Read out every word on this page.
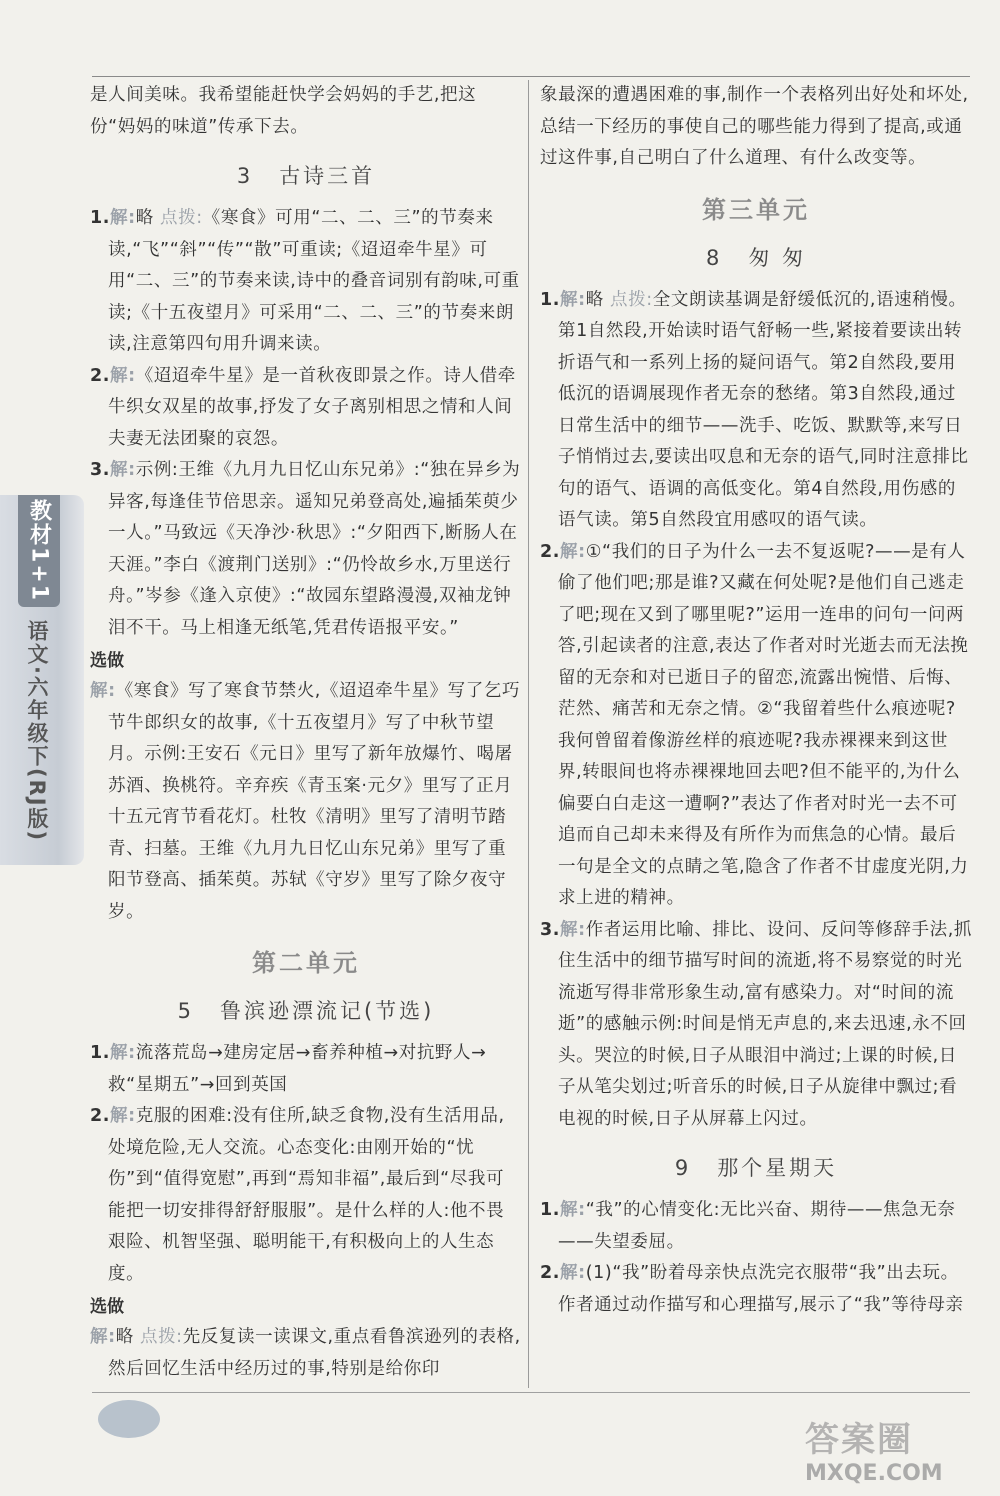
教材1+1
语文·六年级下(RJ版)

是人间美味。我希望能赶快学会妈妈的手艺,把这份“妈妈的味道”传承下去。

3 古诗三首

1.解:略 点拨:《寒食》可用“二、二、三”的节奏来读,“飞”“斜”“传”“散”可重读;《迢迢牵牛星》可用“二、三”的节奏来读,诗中的叠音词别有韵味,可重读;《十五夜望月》可采用“二、二、三”的节奏来朗读,注意第四句用升调来读。

2.解:《迢迢牵牛星》是一首秋夜即景之作。诗人借牵牛织女双星的故事,抒发了女子离别相思之情和人间夫妻无法团聚的哀怨。

3.解:示例:王维《九月九日忆山东兄弟》:“独在异乡为异客,每逢佳节倍思亲。遥知兄弟登高处,遍插茱萸少一人。”马致远《天净沙·秋思》:“夕阳西下,断肠人在天涯。”李白《渡荆门送别》:“仍怜故乡水,万里送行舟。”岑参《逢入京使》:“故园东望路漫漫,双袖龙钟泪不干。马上相逢无纸笔,凭君传语报平安。”

选做

解:《寒食》写了寒食节禁火,《迢迢牵牛星》写了乞巧节牛郎织女的故事,《十五夜望月》写了中秋节望月。示例:王安石《元日》里写了新年放爆竹、喝屠苏酒、换桃符。辛弃疾《青玉案·元夕》里写了正月十五元宵节看花灯。杜牧《清明》里写了清明节踏青、扫墓。王维《九月九日忆山东兄弟》里写了重阳节登高、插茱萸。苏轼《守岁》里写了除夕夜守岁。

第二单元
5 鲁滨逊漂流记(节选)

1.解:流落荒岛→建房定居→畜养种植→对抗野人→救“星期五”→回到英国

2.解:克服的困难:没有住所,缺乏食物,没有生活用品,处境危险,无人交流。心态变化:由刚开始的“忧伤”到“值得宽慰”,再到“焉知非福”,最后到“尽我可能把一切安排得舒舒服服”。是什么样的人:他不畏艰险、机智坚强、聪明能干,有积极向上的人生态度。

选做

解:略 点拨:先反复读一读课文,重点看鲁滨逊列的表格,然后回忆生活中经历过的事,特别是给你印

象最深的遭遇困难的事,制作一个表格列出好处和坏处,总结一下经历的事使自己的哪些能力得到了提高,或通过这件事,自己明白了什么道理、有什么改变等。

第三单元
8 匆 匆

1.解:略 点拨:全文朗读基调是舒缓低沉的,语速稍慢。第1自然段,开始读时语气舒畅一些,紧接着要读出转折语气和一系列上扬的疑问语气。第2自然段,要用低沉的语调展现作者无奈的愁绪。第3自然段,通过日常生活中的细节——洗手、吃饭、默默等,来写日子悄悄过去,要读出叹息和无奈的语气,同时注意排比句的语气、语调的高低变化。第4自然段,用伤感的语气读。第5自然段宜用感叹的语气读。

2.解:①“我们的日子为什么一去不复返呢?——是有人偷了他们吧;那是谁?又藏在何处呢?是他们自己逃走了吧;现在又到了哪里呢?”运用一连串的问句一问两答,引起读者的注意,表达了作者对时光逝去而无法挽留的无奈和对已逝日子的留恋,流露出惋惜、后悔、茫然、痛苦和无奈之情。②“我留着些什么痕迹呢?我何曾留着像游丝样的痕迹呢?我赤裸裸来到这世界,转眼间也将赤裸裸地回去吧?但不能平的,为什么偏要白白走这一遭啊?”表达了作者对时光一去不可追而自己却未来得及有所作为而焦急的心情。最后一句是全文的点睛之笔,隐含了作者不甘虚度光阴,力求上进的精神。

3.解:作者运用比喻、排比、设问、反问等修辞手法,抓住生活中的细节描写时间的流逝,将不易察觉的时光流逝写得非常形象生动,富有感染力。对“时间的流逝”的感触示例:时间是悄无声息的,来去迅速,永不回头。哭泣的时候,日子从眼泪中淌过;上课的时候,日子从笔尖划过;听音乐的时候,日子从旋律中飘过;看电视的时候,日子从屏幕上闪过。

9 那个星期天

1.解:“我”的心情变化:无比兴奋、期待——焦急无奈——失望委屈。

2.解:(1)“我”盼着母亲快点洗完衣服带“我”出去玩。作者通过动作描写和心理描写,展示了“我”等待母亲

答案圈
MXQE.COM
